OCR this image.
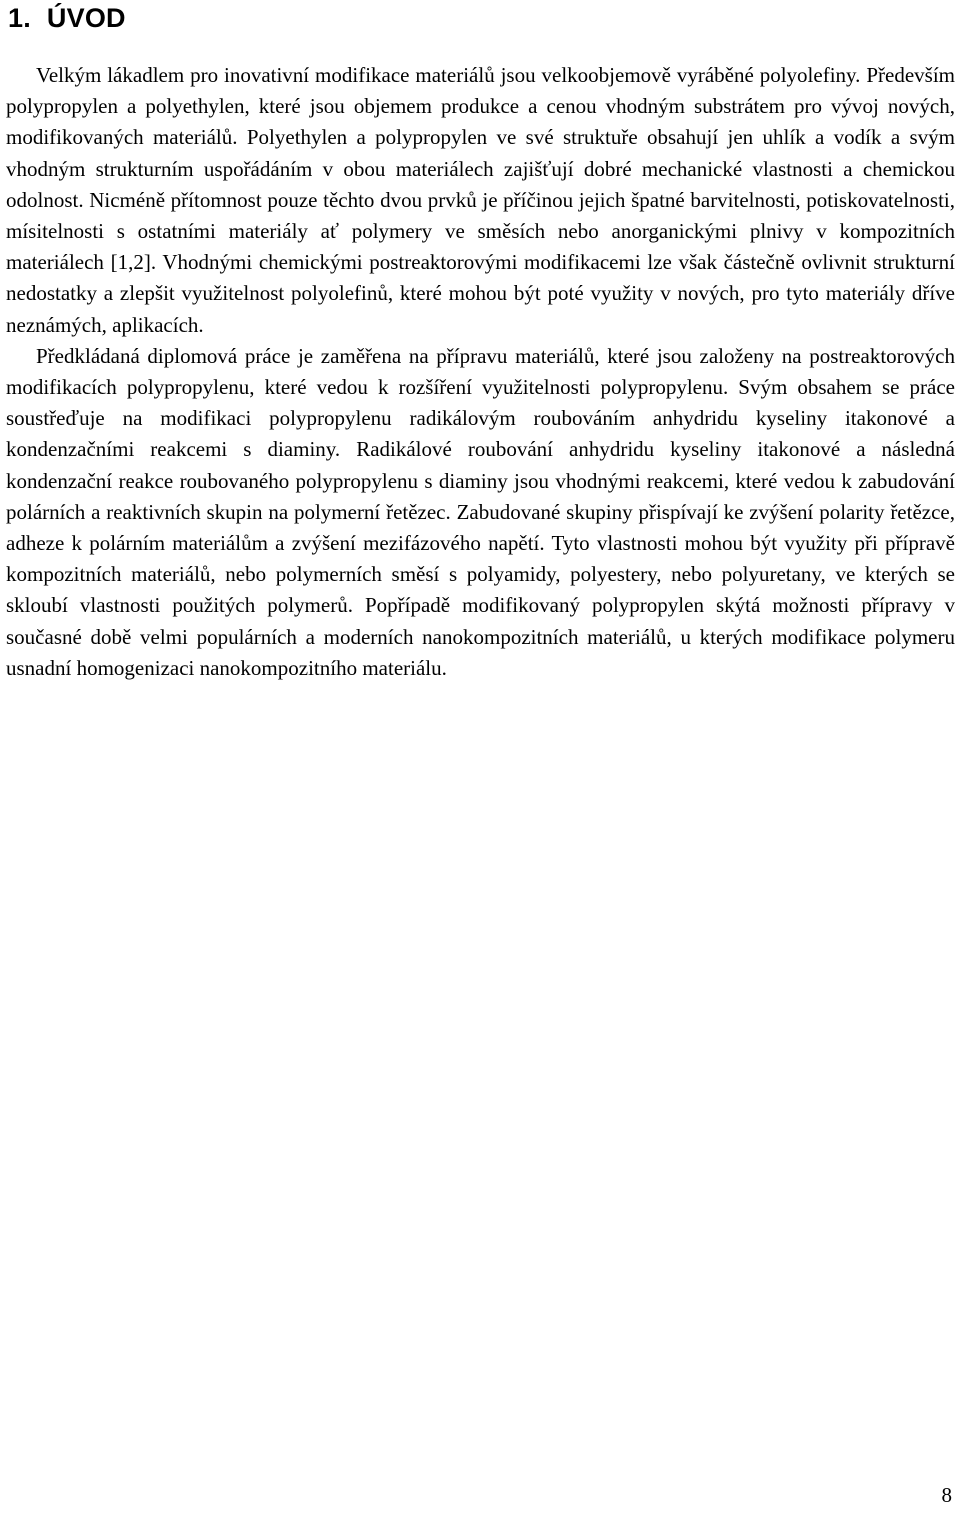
1. ÚVOD

Velkým lákadlem pro inovativní modifikace materiálů jsou velkoobjemově vyráběné polyolefiny. Především polypropylen a polyethylen, které jsou objemem produkce a cenou vhodným substrátem pro vývoj nových, modifikovaných materiálů. Polyethylen a polypropylen ve své struktuře obsahují jen uhlík a vodík a svým vhodným strukturním uspořádáním v obou materiálech zajišťují dobré mechanické vlastnosti a chemickou odolnost. Nicméně přítomnost pouze těchto dvou prvků je příčinou jejich špatné barvitelnosti, potiskovatelnosti, mísitelnosti s ostatními materiály ať polymery ve směsích nebo anorganickými plnivy v kompozitních materiálech [1,2]. Vhodnými chemickými postreaktorovými modifikacemi lze však částečně ovlivnit strukturní nedostatky a zlepšit využitelnost polyolefinů, které mohou být poté využity v nových, pro tyto materiály dříve neznámých, aplikacích.

Předkládaná diplomová práce je zaměřena na přípravu materiálů, které jsou založeny na postreaktorových modifikacích polypropylenu, které vedou k rozšíření využitelnosti polypropylenu. Svým obsahem se práce soustřeďuje na modifikaci polypropylenu radikálovým roubováním anhydridu kyseliny itakonové a kondenzačními reakcemi s diaminy. Radikálové roubování anhydridu kyseliny itakonové a následná kondenzační reakce roubovaného polypropylenu s diaminy jsou vhodnými reakcemi, které vedou k zabudování polárních a reaktivních skupin na polymerní řetězec. Zabudované skupiny přispívají ke zvýšení polarity řetězce, adheze k polárním materiálům a zvýšení mezifázového napětí. Tyto vlastnosti mohou být využity při přípravě kompozitních materiálů, nebo polymerních směsí s polyamidy, polyestery, nebo polyuretany, ve kterých se skloubí vlastnosti použitých polymerů. Popřípadě modifikovaný polypropylen skýtá možnosti přípravy v současné době velmi populárních a moderních nanokompozitních materiálů, u kterých modifikace polymeru usnadní homogenizaci nanokompozitního materiálu.

8
